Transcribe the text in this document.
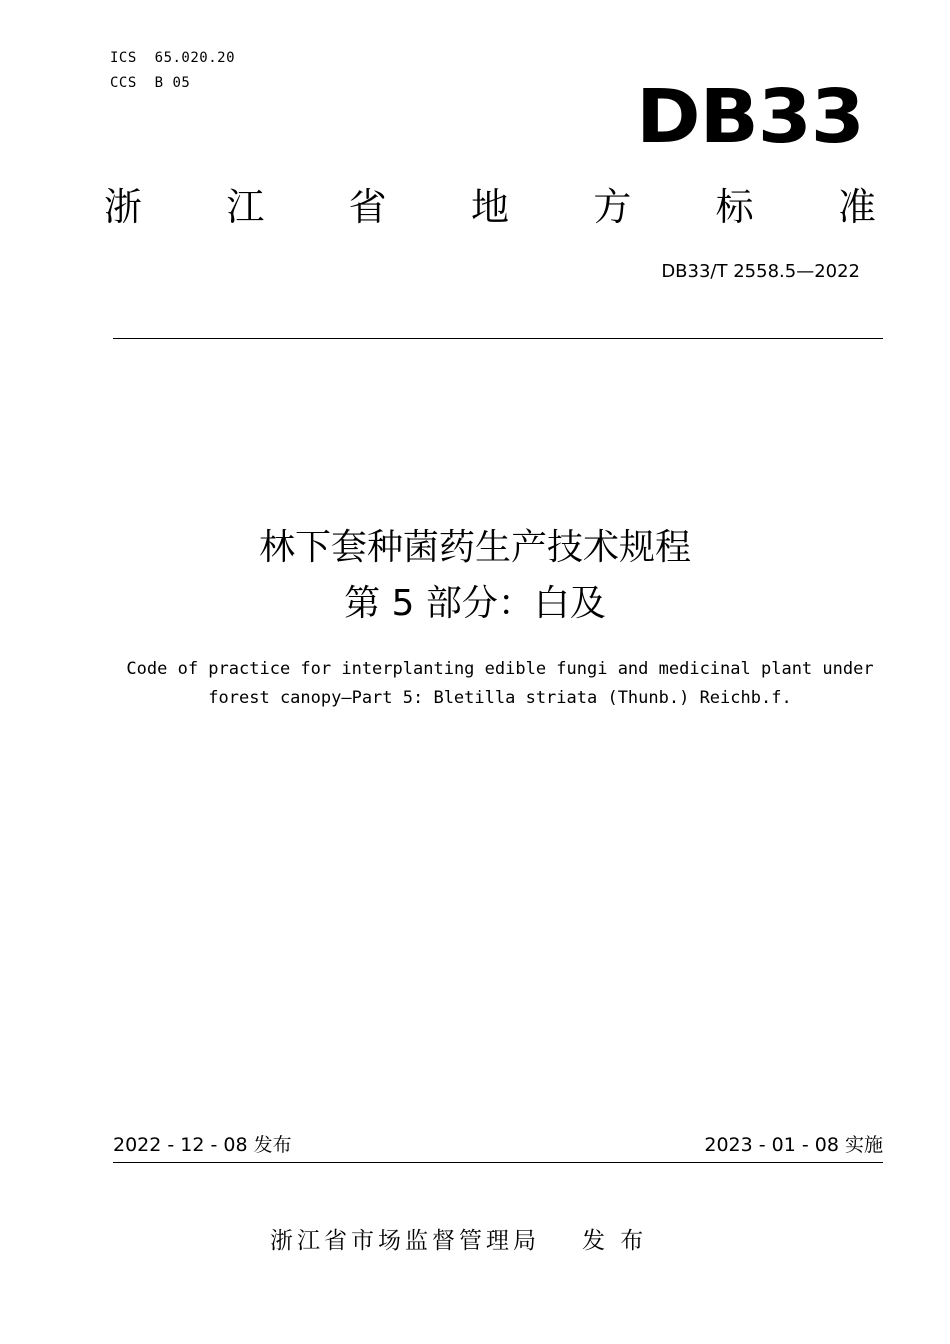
ICS  65.020.20
CCS  B 05	DB33
浙 江 省 地 方 标 准
DB33/T 2558.5—2022
林下套种菌药生产技术规程
第 5 部分：白及
Code of practice for interplanting edible fungi and medicinal plant under
forest canopy—Part 5: Bletilla striata (Thunb.) Reichb.f.
2022 - 12 - 08 发布	2023 - 01 - 08 实施
浙江省市场监督管理局 发 布
